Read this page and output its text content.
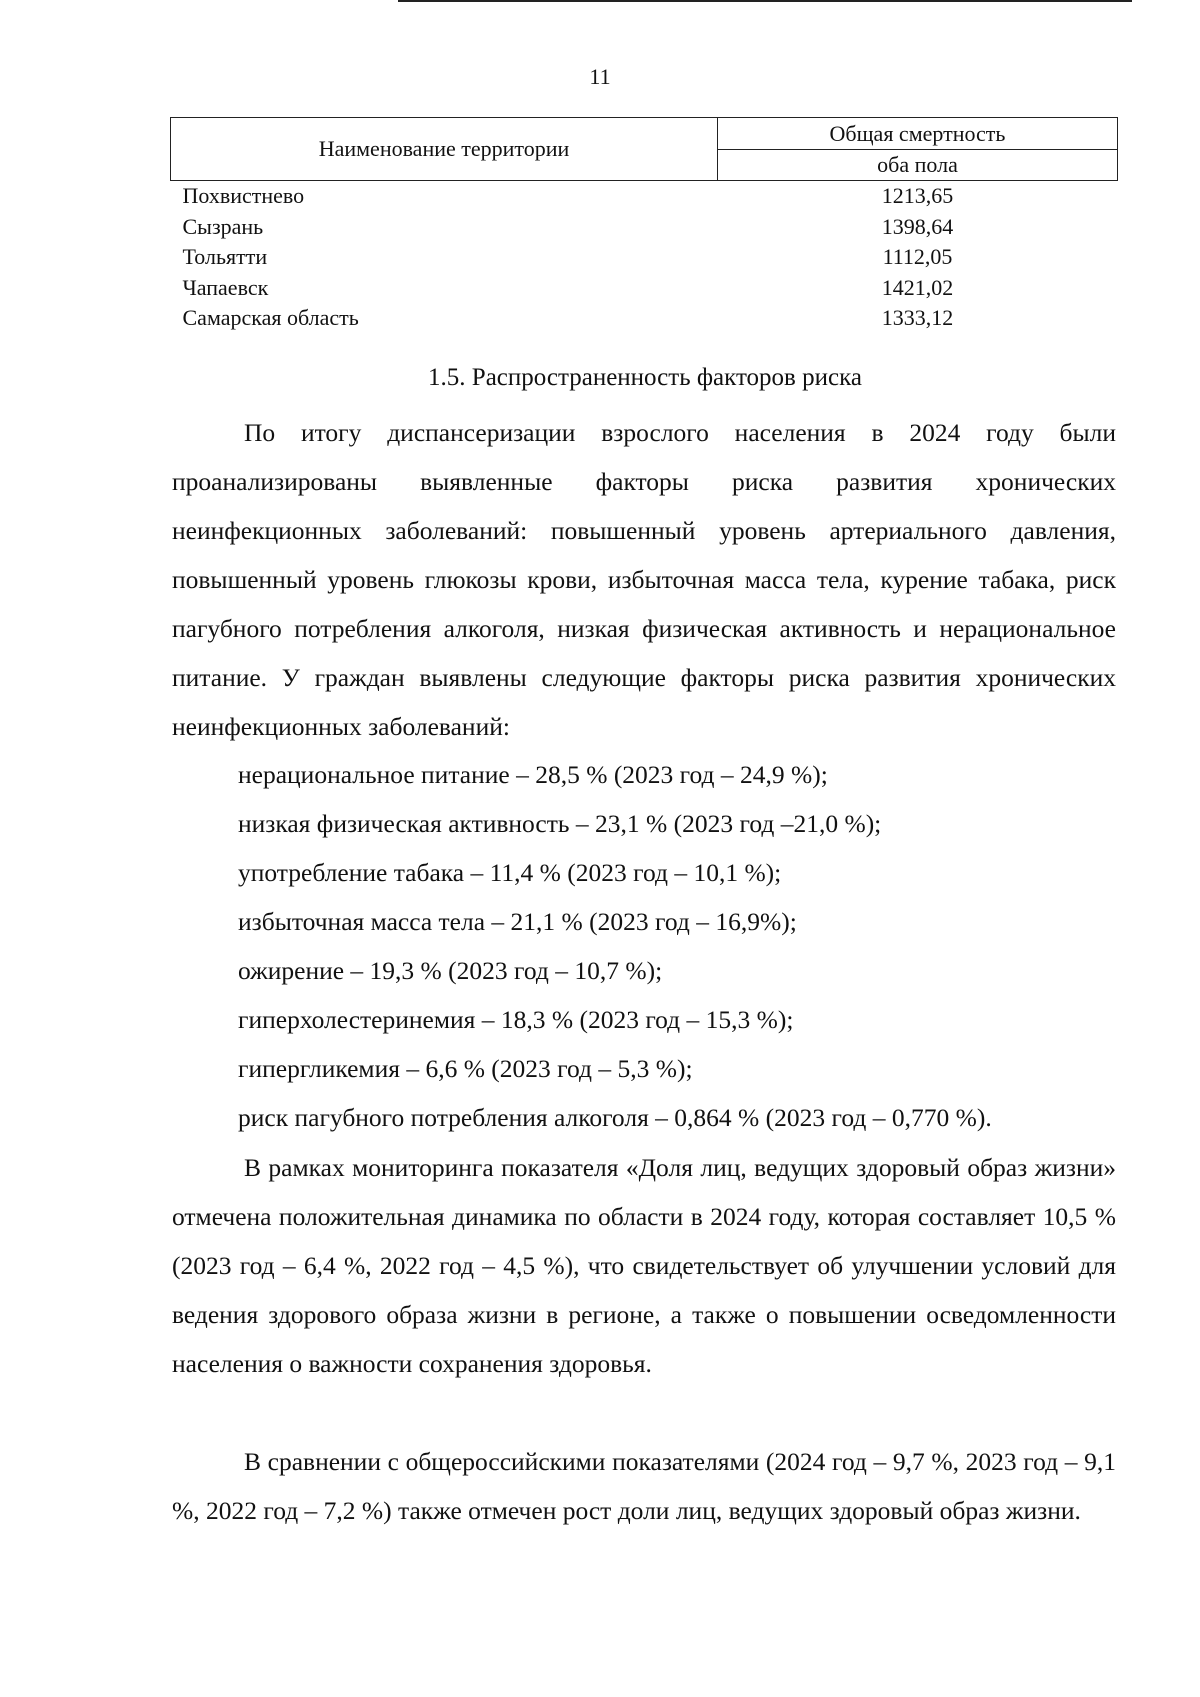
11
Наименование территории	Общая смертность
	оба пола
Похвистнево	1213,65
Сызрань	1398,64
Тольятти	1112,05
Чапаевск	1421,02
Самарская область	1333,12
1.5. Распространенность факторов риска

По итогу диспансеризации взрослого населения в 2024 году были проанализированы выявленные факторы риска развития хронических неинфекционных заболеваний: повышенный уровень артериального давления, повышенный уровень глюкозы крови, избыточная масса тела, курение табака, риск пагубного потребления алкоголя, низкая физическая активность и нерациональное питание. У граждан выявлены следующие факторы риска развития хронических неинфекционных заболеваний:

нерациональное питание – 28,5 % (2023 год – 24,9 %);
низкая физическая активность – 23,1 % (2023 год –21,0 %);
употребление табака – 11,4 % (2023 год – 10,1 %);
избыточная масса тела – 21,1 % (2023 год – 16,9%);
ожирение – 19,3 % (2023 год – 10,7 %);
гиперхолестеринемия – 18,3 % (2023 год – 15,3 %);
гипергликемия – 6,6 % (2023 год – 5,3 %);
риск пагубного потребления алкоголя – 0,864 % (2023 год – 0,770 %).

В рамках мониторинга показателя «Доля лиц, ведущих здоровый образ жизни» отмечена положительная динамика по области в 2024 году, которая составляет 10,5 % (2023 год – 6,4 %, 2022 год – 4,5 %), что свидетельствует об улучшении условий для ведения здорового образа жизни в регионе, а также о повышении осведомленности населения о важности сохранения здоровья.

В сравнении с общероссийскими показателями (2024 год – 9,7 %, 2023 год – 9,1 %, 2022 год – 7,2 %) также отмечен рост доли лиц, ведущих здоровый образ жизни.
